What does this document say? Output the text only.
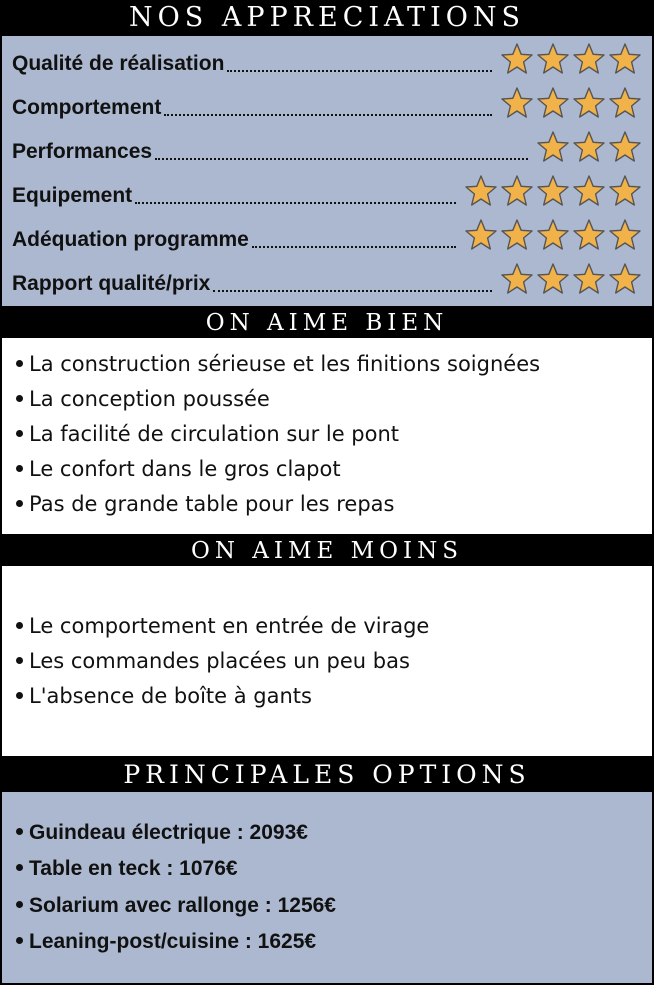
NOS APPRECIATIONS
Qualité de réalisation
Comportement
Performances
Equipement
Adéquation programme
Rapport qualité/prix
ON AIME BIEN
La construction sérieuse et les finitions soignées
La conception poussée
La facilité de circulation sur le pont
Le confort dans le gros clapot
Pas de grande table pour les repas
ON AIME MOINS
Le comportement en entrée de virage
Les commandes placées un peu bas
L'absence de boîte à gants
PRINCIPALES OPTIONS
Guindeau électrique : 2093€
Table en teck : 1076€
Solarium avec rallonge : 1256€
Leaning-post/cuisine : 1625€
